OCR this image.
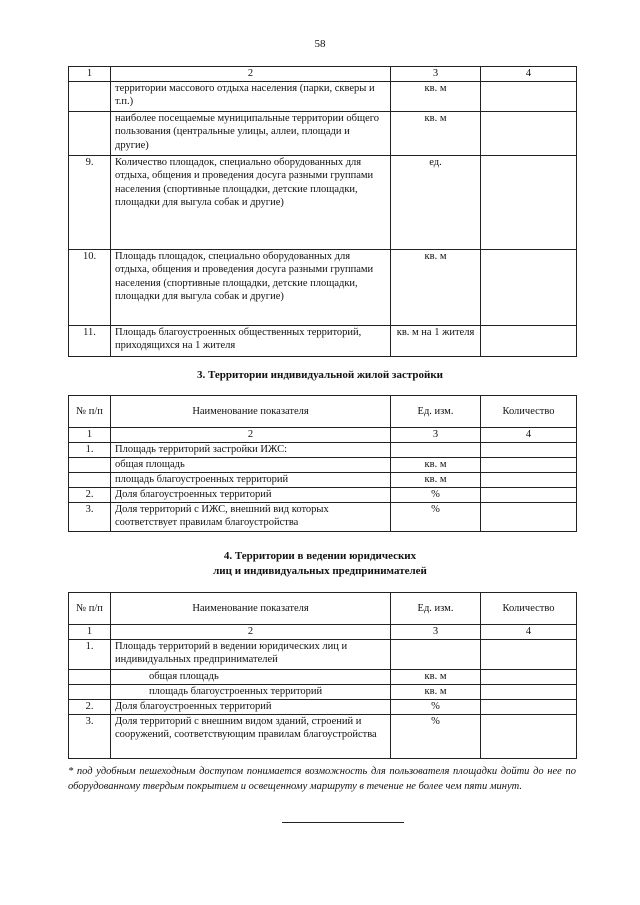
58
1	2	3	4
	территории массового отдыха населения (парки, скверы и т.п.)	кв. м	
	наиболее посещаемые муниципальные территории общего пользования (центральные улицы, аллеи, площади и другие)	кв. м	
9.	Количество площадок, специально оборудованных для отдыха, общения и проведения досуга разными группами населения (спортивные площадки, детские площадки, площадки для выгула собак и другие)	ед.	
10.	Площадь площадок, специально оборудованных для отдыха, общения и проведения досуга разными группами населения (спортивные площадки, детские площадки, площадки для выгула собак и другие)	кв. м	
11.	Площадь благоустроенных общественных территорий, приходящихся на 1 жителя	кв. м на 1 жителя	
3. Территории индивидуальной жилой застройки
№ п/п	Наименование показателя	Ед. изм.	Количество
1	2	3	4
1.	Площадь территорий застройки ИЖС:		
	общая площадь	кв. м	
	площадь благоустроенных территорий	кв. м	
2.	Доля благоустроенных территорий	%	
3.	Доля территорий с ИЖС, внешний вид которых соответствует правилам благоустройства	%	
4. Территории в ведении юридических
лиц и индивидуальных предпринимателей
№ п/п	Наименование показателя	Ед. изм.	Количество
1	2	3	4
1.	Площадь территорий в ведении юридических лиц и индивидуальных предпринимателей		
	общая площадь	кв. м	
	площадь благоустроенных территорий	кв. м	
2.	Доля благоустроенных территорий	%	
3.	Доля территорий с внешним видом зданий, строений и сооружений, соответствующим правилам благоустройства	%	
* под удобным пешеходным доступом понимается возможность для пользователя площадки дойти до нее по оборудованному твердым покрытием и освещенному маршруту в течение не более чем пяти минут.
